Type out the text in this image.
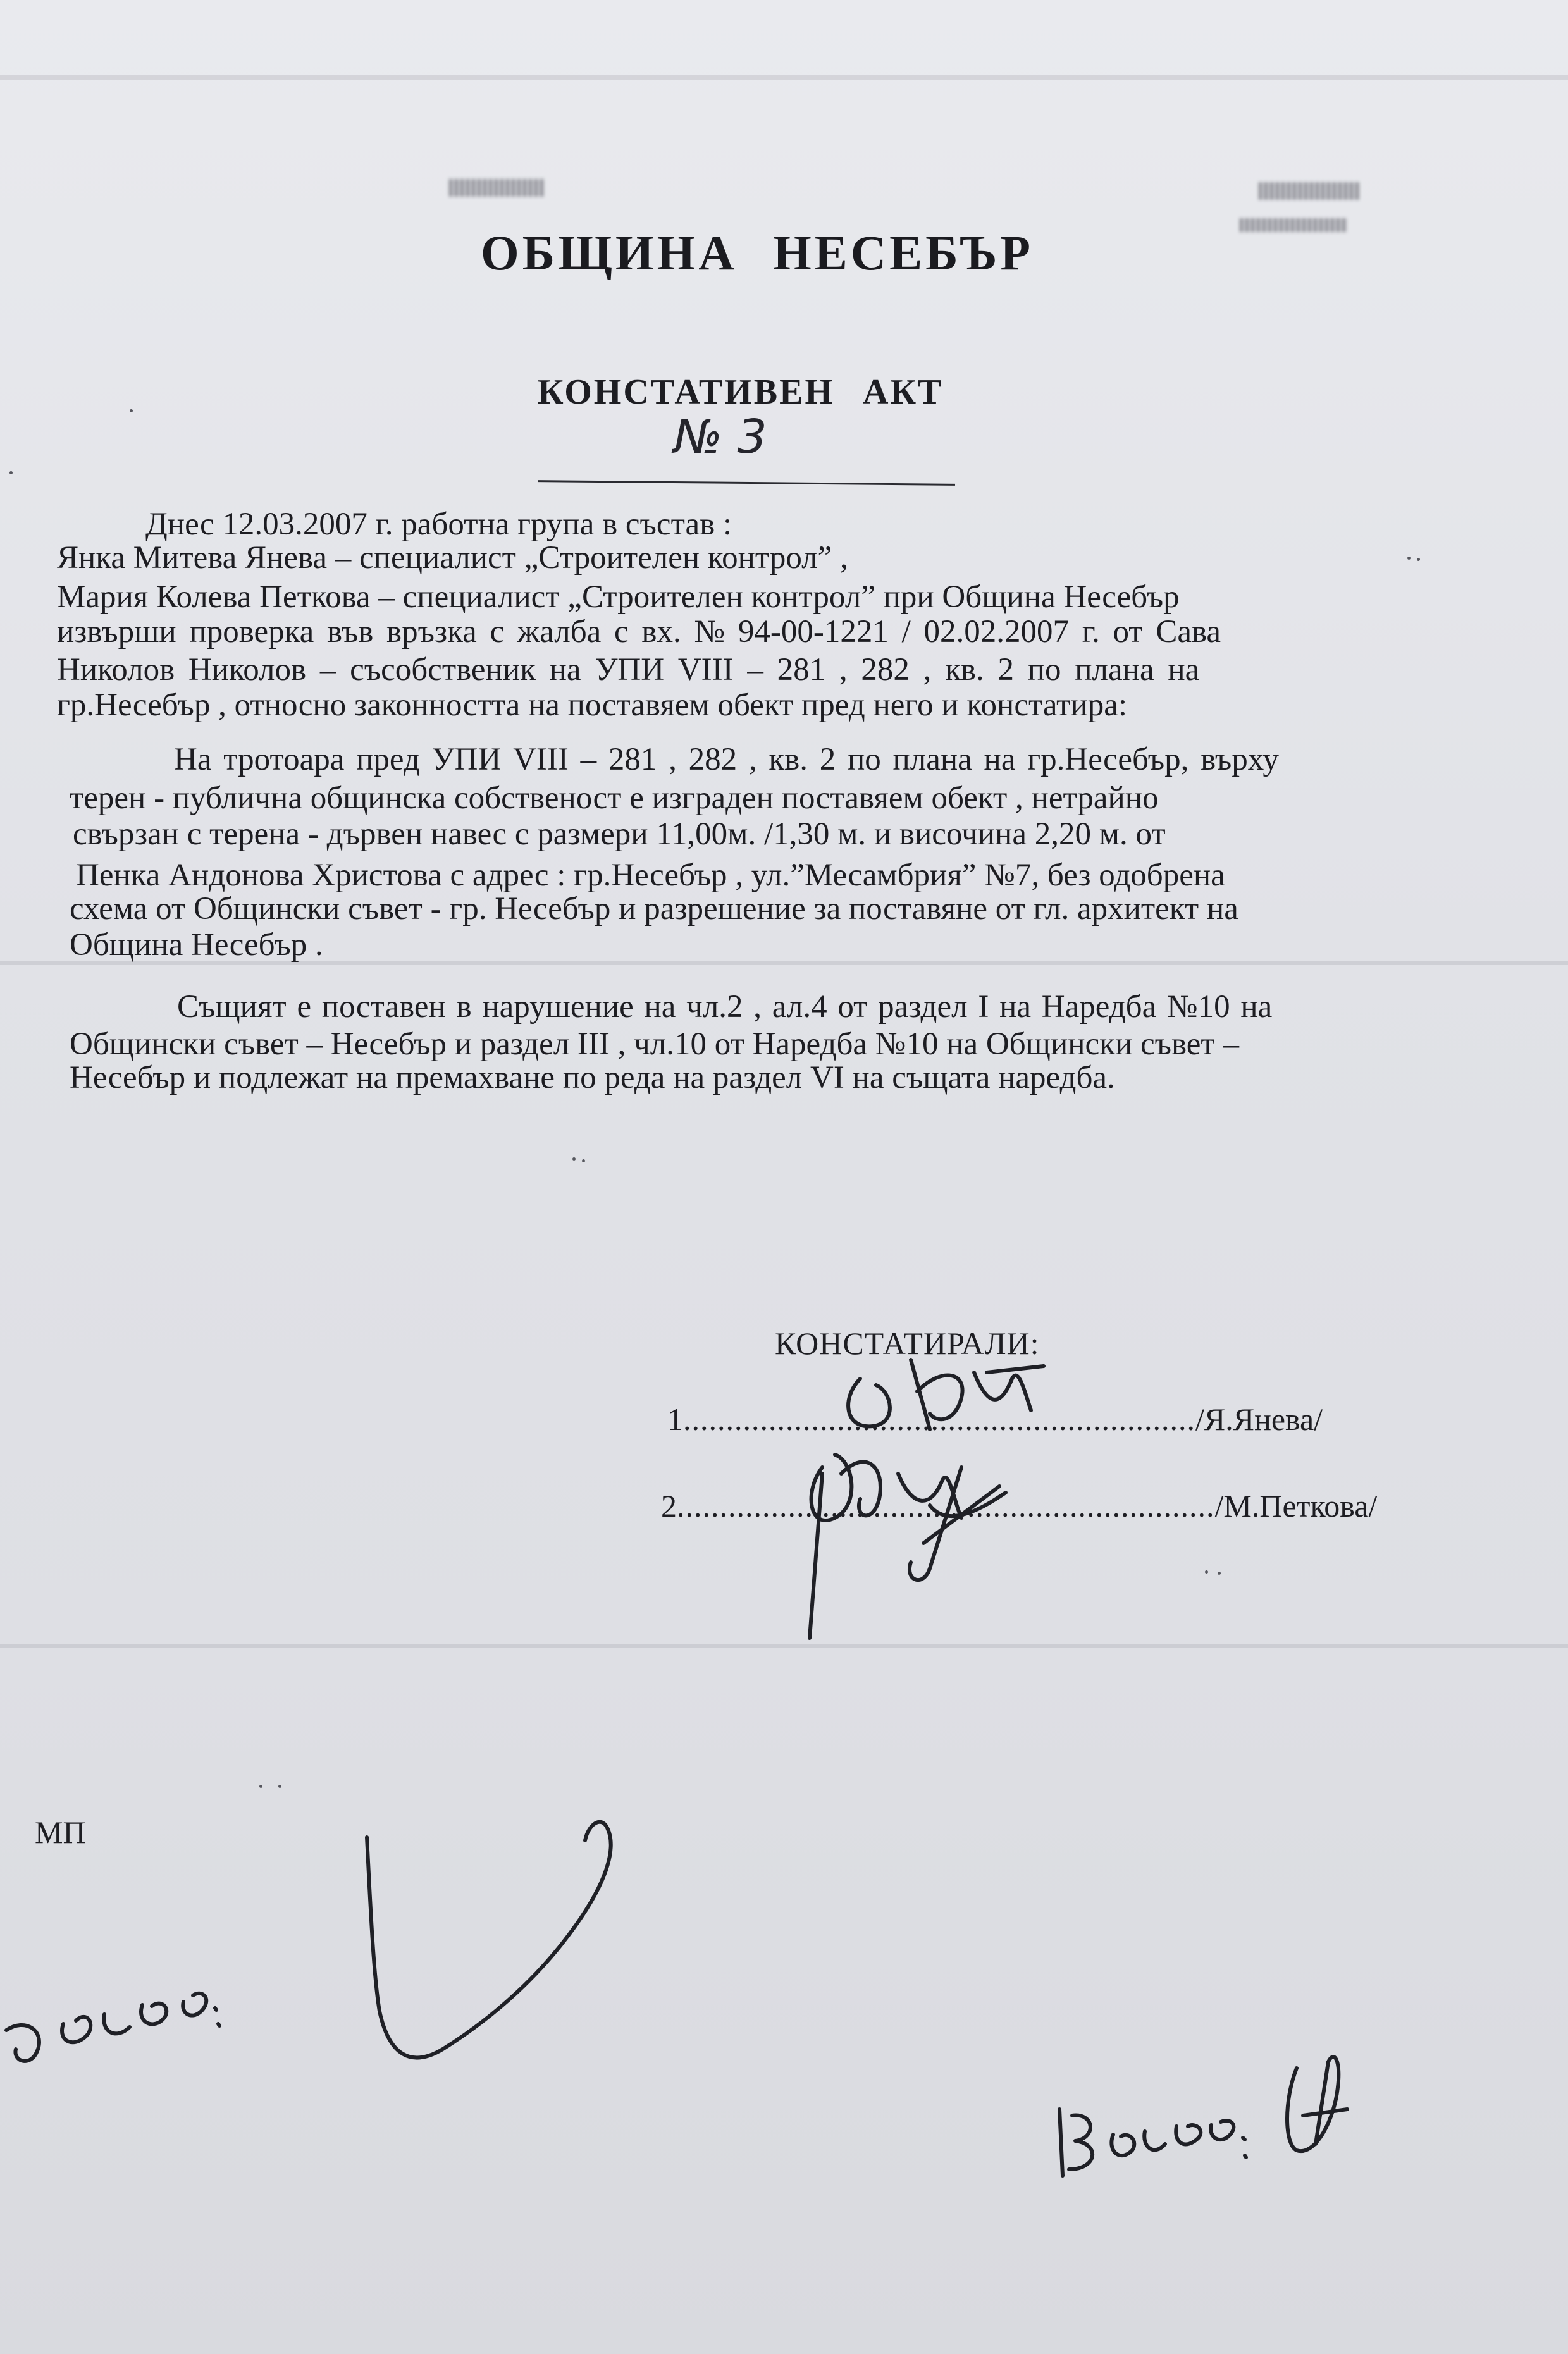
ОБЩИНА НЕСЕБЪР
КОНСТАТИВЕН АКТ
№ 3
Днес 12.03.2007 г. работна група в състав :
Янка Митева Янева – специалист „Строителен контрол” ,
Мария Колева Петкова – специалист „Строителен контрол” при Община Несебър
извърши проверка във връзка с жалба с вх. № 94-00-1221 / 02.02.2007 г. от Сава
Николов Николов – съсобственик на УПИ VIII – 281 , 282 , кв. 2 по плана на
гр.Несебър , относно законността на поставяем обект пред него и констатира:
На тротоара пред УПИ VIII – 281 , 282 , кв. 2 по плана на гр.Несебър, върху
терен - публична общинска собственост е изграден поставяем обект , нетрайно
свързан с терена - дървен навес с размери 11,00м. /1,30 м. и височина 2,20 м. от
Пенка Андонова Христова с адрес : гр.Несебър , ул.”Месамбрия” №7, без одобрена
схема от Общински съвет - гр. Несебър и разрешение за поставяне от гл. архитект на
Община Несебър .
Същият е поставен в нарушение на чл.2 , ал.4 от раздел I на Наредба №10 на
Общински съвет – Несебър и раздел III , чл.10 от Наредба №10 на Общински съвет –
Несебър и подлежат на премахване по реда на раздел VI на същата наредба.
КОНСТАТИРАЛИ:
1............................................................/Я.Янева/
2.............................................................../М.Петкова/
МП
